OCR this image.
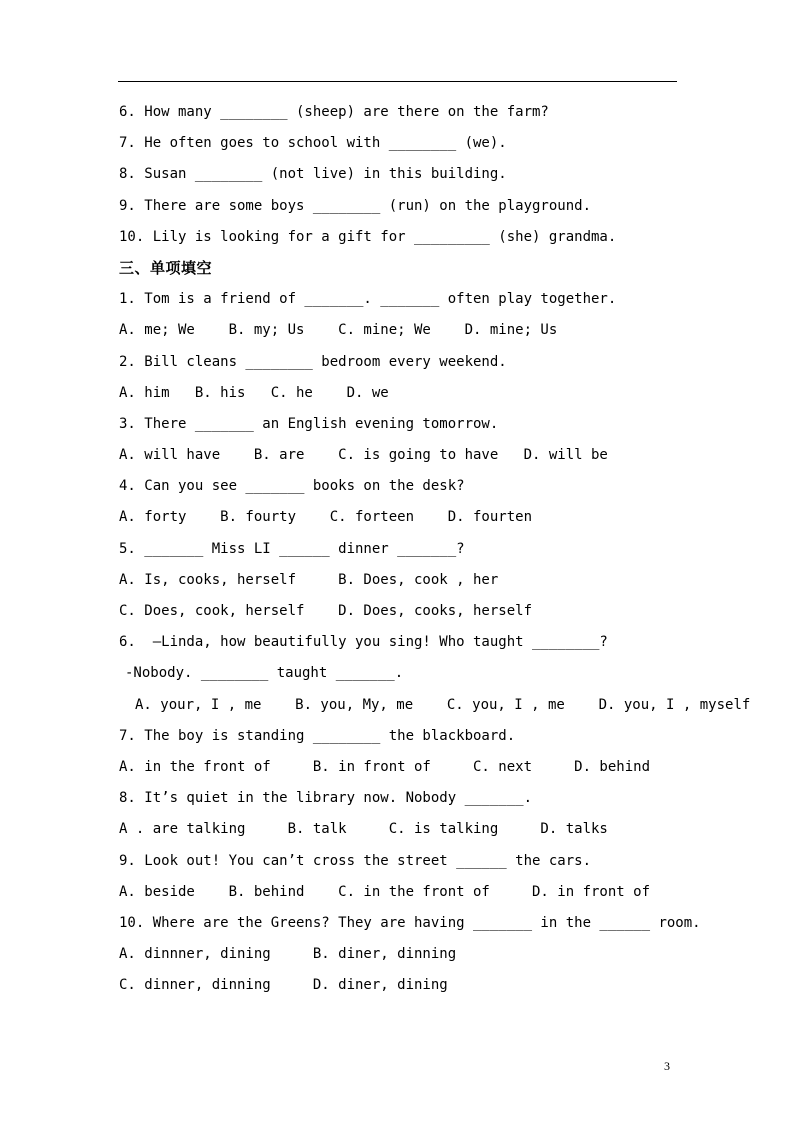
6. How many ________ (sheep) are there on the farm?
7. He often goes to school with ________ (we).
8. Susan ________ (not live) in this building.
9. There are some boys ________ (run) on the playground.
10. Lily is looking for a gift for _________ (she) grandma.
三、单项填空
1. Tom is a friend of _______. _______ often play together.
A. me; We    B. my; Us    C. mine; We    D. mine; Us
2. Bill cleans ________ bedroom every weekend.
A. him   B. his   C. he    D. we
3. There _______ an English evening tomorrow.
A. will have    B. are    C. is going to have   D. will be
4. Can you see _______ books on the desk?
A. forty    B. fourty    C. forteen    D. fourten
5. _______ Miss LI ______ dinner _______?
A. Is, cooks, herself     B. Does, cook , her
C. Does, cook, herself    D. Does, cooks, herself
6.  –Linda, how beautifully you sing! Who taught ________?
-Nobody. ________ taught _______.
A. your, I , me    B. you, My, me    C. you, I , me    D. you, I , myself
7. The boy is standing ________ the blackboard.
A. in the front of     B. in front of     C. next     D. behind
8. It’s quiet in the library now. Nobody _______.
A . are talking     B. talk     C. is talking     D. talks
9. Look out! You can’t cross the street ______ the cars.
A. beside    B. behind    C. in the front of     D. in front of
10. Where are the Greens? They are having _______ in the ______ room.
A. dinnner, dining     B. diner, dinning
C. dinner, dinning     D. diner, dining
3
